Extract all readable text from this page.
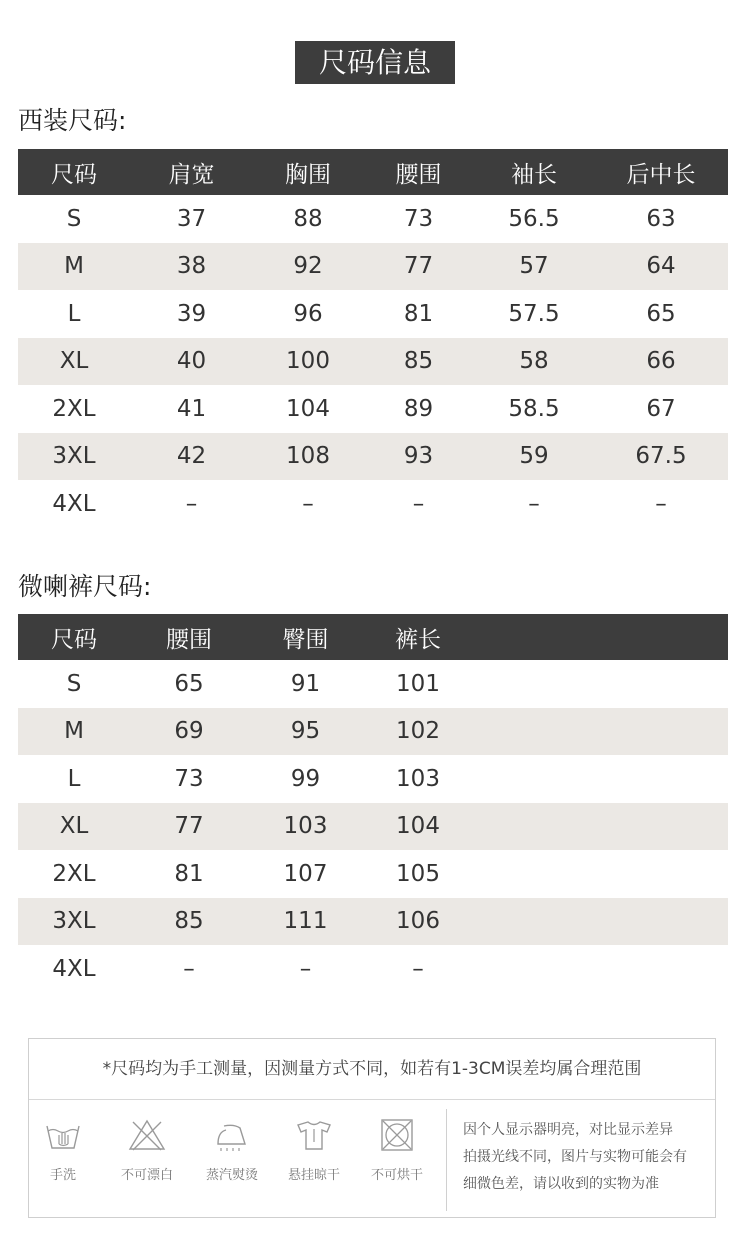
尺码信息
西装尺码:
尺码	肩宽	胸围	腰围	袖长	后中长
S	37	88	73	56.5	63
M	38	92	77	57	64
L	39	96	81	57.5	65
XL	40	100	85	58	66
2XL	41	104	89	58.5	67
3XL	42	108	93	59	67.5
4XL	–	–	–	–	–
微喇裤尺码:
尺码	腰围	臀围	裤长	
S	65	91	101	
M	69	95	102	
L	73	99	103	
XL	77	103	104	
2XL	81	107	105	
3XL	85	111	106	
4XL	–	–	–	
*尺码均为手工测量，因测量方式不同，如若有1-3CM误差均属合理范围
手洗	不可漂白	蒸汽熨烫	悬挂晾干	不可烘干
因个人显示器明亮，对比显示差异
拍摄光线不同，图片与实物可能会有
细微色差，请以收到的实物为准
